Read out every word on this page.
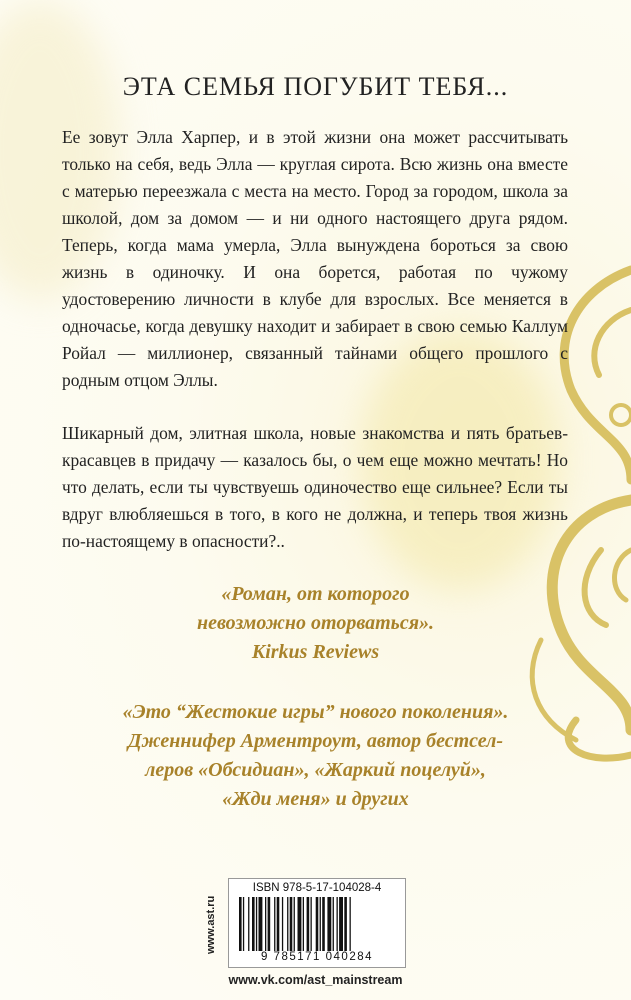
ЭТА СЕМЬЯ ПОГУБИТ ТЕБЯ...

Ее зовут Элла Харпер, и в этой жизни она может рассчитывать только на себя, ведь Элла — круглая сирота. Всю жизнь она вместе с матерью переезжала с места на место. Город за городом, школа за школой, дом за домом — и ни одного настоящего друга рядом. Теперь, когда мама умерла, Элла вынуждена бороться за свою жизнь в одиночку. И она борется, работая по чужому удостоверению личности в клубе для взрослых. Все меняется в одночасье, когда девушку находит и забирает в свою семью Каллум Ройал — миллионер, связанный тайнами общего прошлого с родным отцом Эллы.

Шикарный дом, элитная школа, новые знакомства и пять братьев-красавцев в придачу — казалось бы, о чем еще можно мечтать! Но что делать, если ты чувствуешь одиночество еще сильнее? Если ты вдруг влюбляешься в того, в кого не должна, и теперь твоя жизнь по-настоящему в опасности?..

«Роман, от которого
невозможно оторваться».
Kirkus Reviews
«Это “Жестокие игры” нового поколения».
Дженнифер Арментроут, автор бестсел-
леров «Обсидиан», «Жаркий поцелуй»,
«Жди меня» и других
www.ast.ru
ISBN 978-5-17-104028-4
9 785171 040284
www.vk.com/ast_mainstream
